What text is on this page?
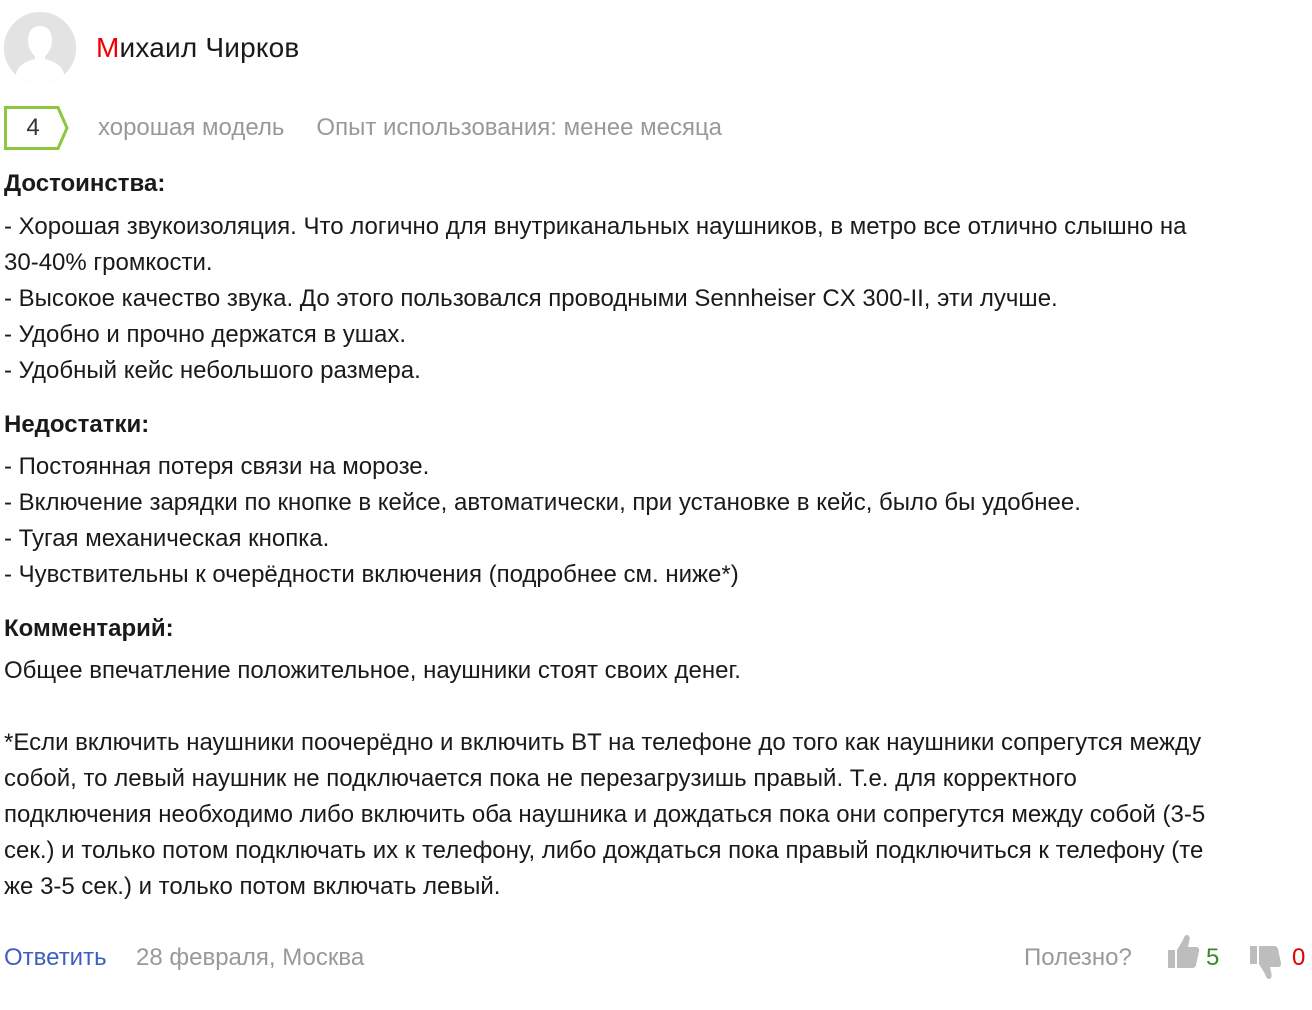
Михаил Чирков
4	хорошая модель Опыт использования: менее месяца
Достоинства:
- Хорошая звукоизоляция. Что логично для внутриканальных наушников, в метро все отлично слышно на
30-40% громкости.
- Высокое качество звука. До этого пользовался проводными Sennheiser CX 300-II, эти лучше.
- Удобно и прочно держатся в ушах.
- Удобный кейс небольшого размера.
Недостатки:
- Постоянная потеря связи на морозе.
- Включение зарядки по кнопке в кейсе, автоматически, при установке в кейс, было бы удобнее.
- Тугая механическая кнопка.
- Чувствительны к очерёдности включения (подробнее см. ниже*)
Комментарий:
Общее впечатление положительное, наушники стоят своих денег.
*Если включить наушники поочерёдно и включить BT на телефоне до того как наушники сопрегутся между
собой, то левый наушник не подключается пока не перезагрузишь правый. Т.е. для корректного
подключения необходимо либо включить оба наушника и дождаться пока они сопрегутся между собой (3-5
сек.) и только потом подключать их к телефону, либо дождаться пока правый подключиться к телефону (те
же 3-5 сек.) и только потом включать левый.
Ответить 28 февраля, Москва	Полезно?	5	0
